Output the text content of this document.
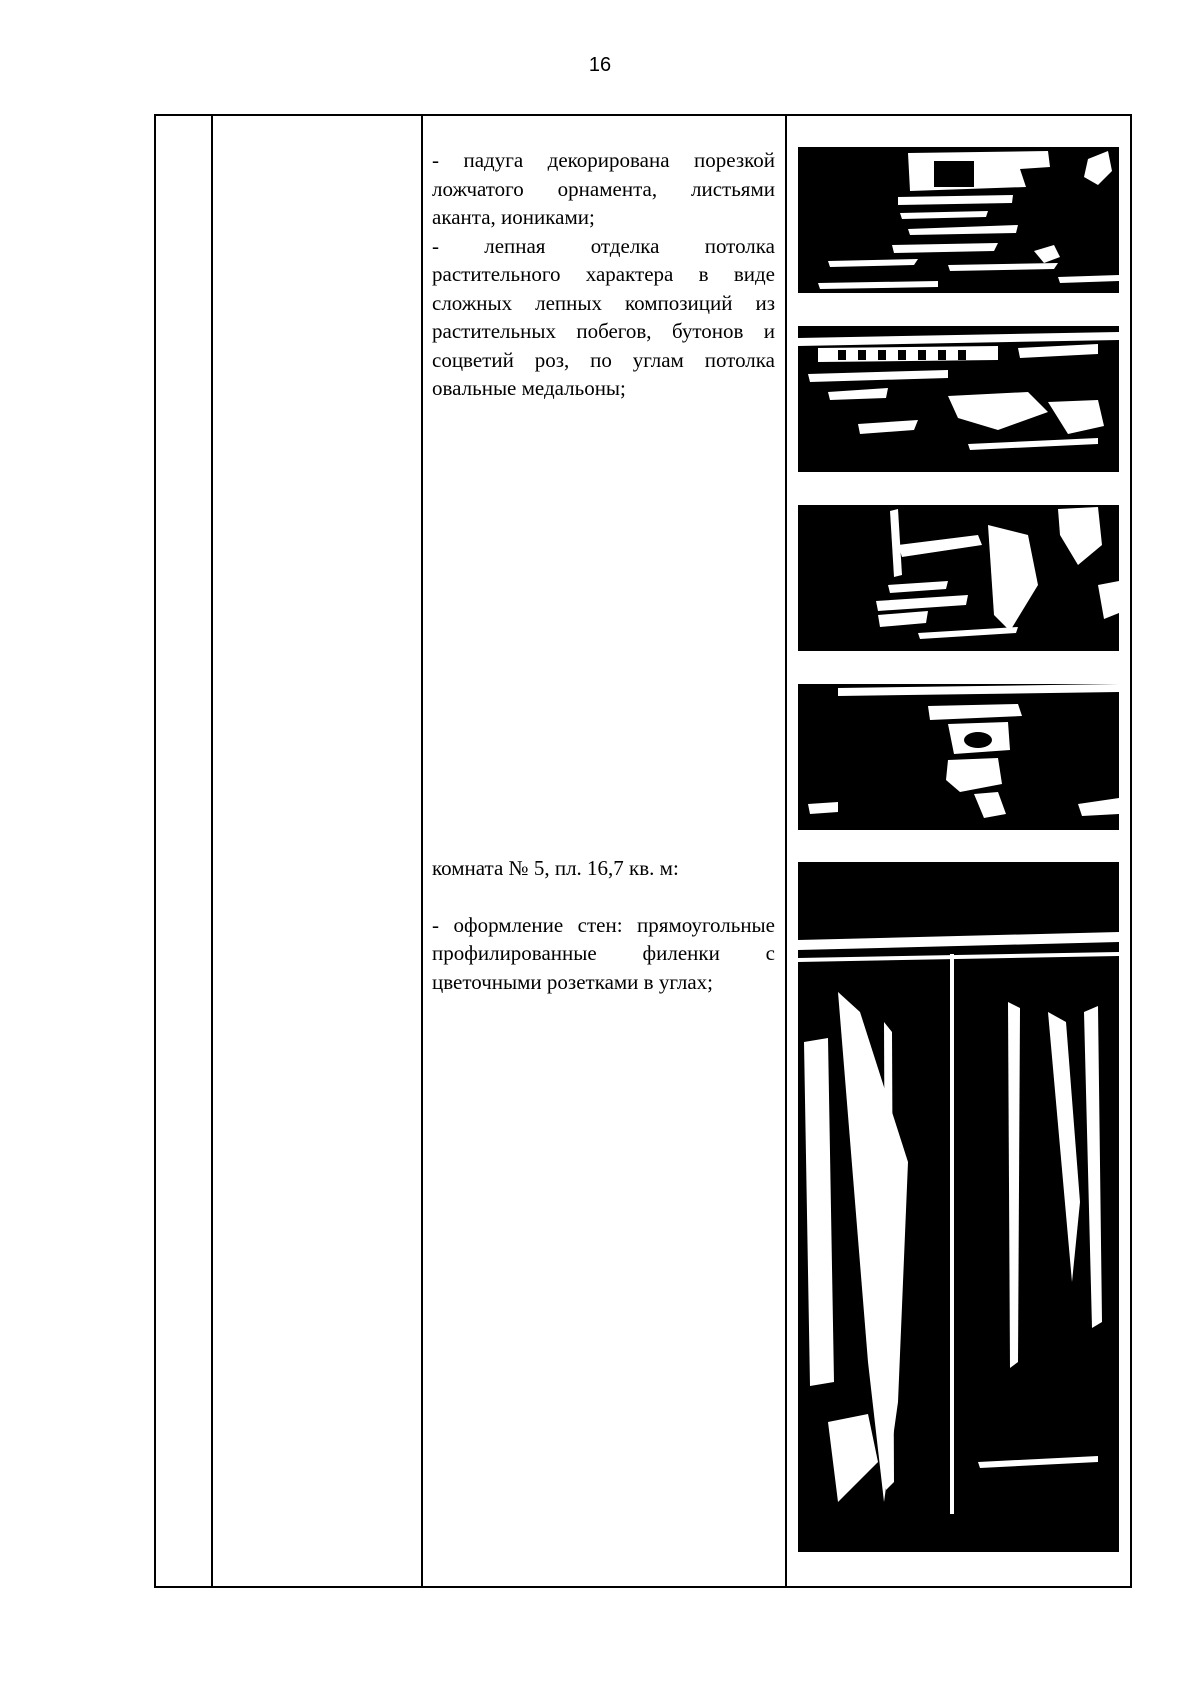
16

- падуга декорирована порезкой ложчатого орнамента, листьями аканта, иониками;

- лепная отделка потолка растительного характера в виде сложных лепных композиций из растительных побегов, бутонов и соцветий роз, по углам потолка овальные медальоны;

комната № 5, пл. 16,7 кв. м:

- оформление стен: прямоугольные профилированные филенки с цветочными розетками в углах;
